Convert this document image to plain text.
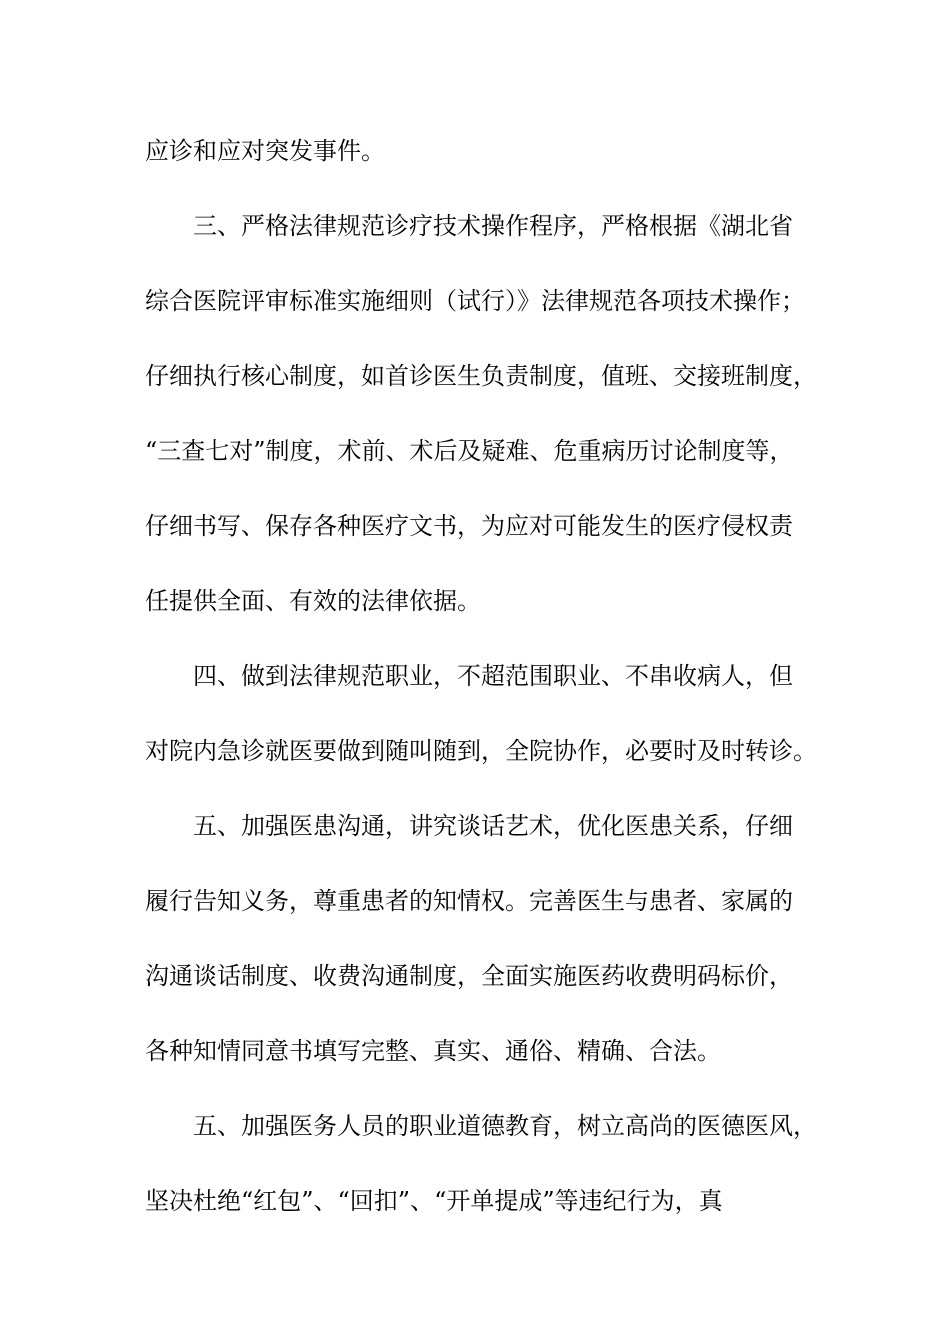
应诊和应对突发事件。
三、严格法律规范诊疗技术操作程序，严格根据《湖北省
综合医院评审标准实施细则（试行）》法律规范各项技术操作；
仔细执行核心制度，如首诊医生负责制度，值班、交接班制度，
“三查七对”制度，术前、术后及疑难、危重病历讨论制度等，
仔细书写、保存各种医疗文书，为应对可能发生的医疗侵权责
任提供全面、有效的法律依据。
四、做到法律规范职业，不超范围职业、不串收病人，但
对院内急诊就医要做到随叫随到，全院协作，必要时及时转诊。
五、加强医患沟通，讲究谈话艺术，优化医患关系，仔细
履行告知义务，尊重患者的知情权。完善医生与患者、家属的
沟通谈话制度、收费沟通制度，全面实施医药收费明码标价，
各种知情同意书填写完整、真实、通俗、精确、合法。
五、加强医务人员的职业道德教育，树立高尚的医德医风，
坚决杜绝“红包”、“回扣”、“开单提成”等违纪行为，真
